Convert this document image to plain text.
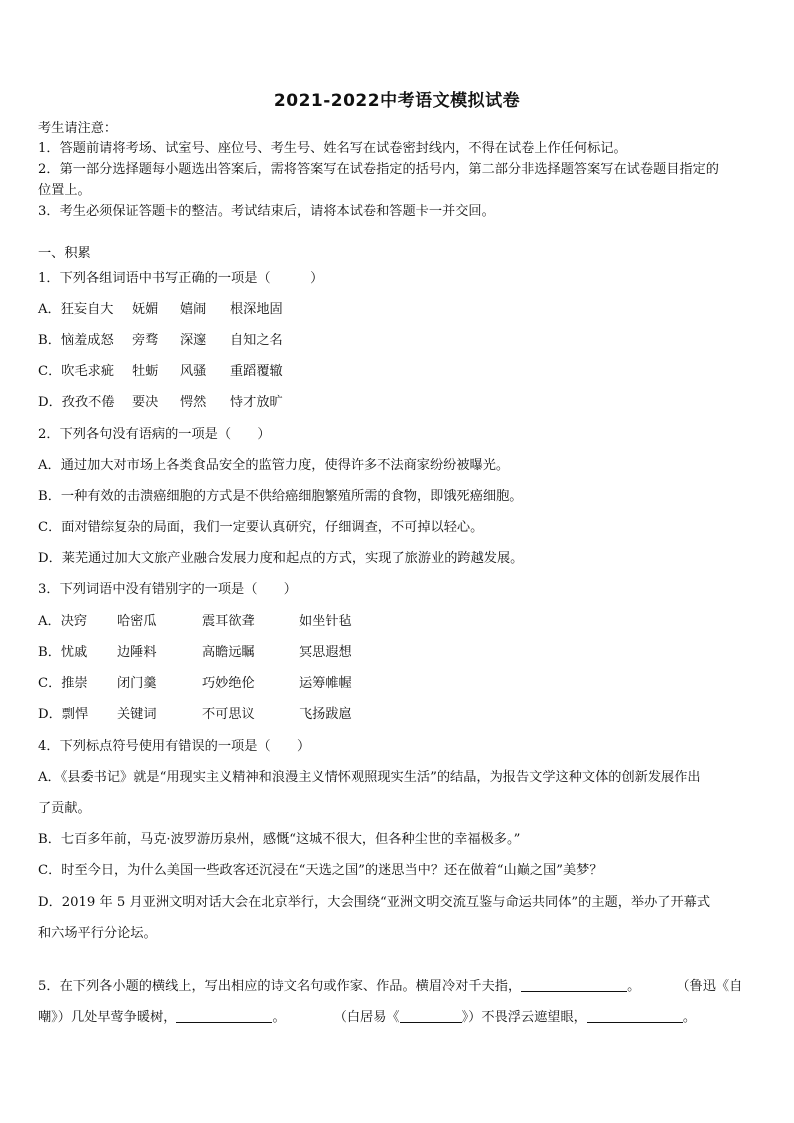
2021-2022中考语文模拟试卷
考生请注意：
1．答题前请将考场、试室号、座位号、考生号、姓名写在试卷密封线内，不得在试卷上作任何标记。
2．第一部分选择题每小题选出答案后，需将答案写在试卷指定的括号内，第二部分非选择题答案写在试卷题目指定的
位置上。
3．考生必须保证答题卡的整洁。考试结束后，请将本试卷和答题卡一并交回。
一、积累
1．下列各组词语中书写正确的一项是（　　　）
A．狂妄自大 妩媚 嬉闹 根深地固
B．恼羞成怒 旁骛 深邃 自知之名
C．吹毛求疵 牡蛎 风骚 重蹈覆辙
D．孜孜不倦 要决 愕然 恃才放旷
2．下列各句没有语病的一项是（　　）
A．通过加大对市场上各类食品安全的监管力度，使得许多不法商家纷纷被曝光。
B．一种有效的击溃癌细胞的方式是不供给癌细胞繁殖所需的食物，即饿死癌细胞。
C．面对错综复杂的局面，我们一定要认真研究，仔细调查，不可掉以轻心。
D．莱芜通过加大文旅产业融合发展力度和起点的方式，实现了旅游业的跨越发展。
3．下列词语中没有错别字的一项是（　　）
A．决窍 哈密瓜	震耳欲聋	如坐针毡
B．忧戚 边陲料	高瞻远瞩	冥思遐想
C．推崇 闭门羹	巧妙绝伦	运筹帷幄
D．剽悍 关键词	不可思议	飞扬跋扈
4．下列标点符号使用有错误的一项是（　　）
A．《县委书记》就是“用现实主义精神和浪漫主义情怀观照现实生活”的结晶，为报告文学这种文体的创新发展作出
了贡献。
B．七百多年前，马克·波罗游历泉州，感慨“这城不很大，但各种尘世的幸福极多。”
C．时至今日，为什么美国一些政客还沉浸在“天选之国”的迷思当中？还在做着“山巅之国”美梦？
D．2019 年 5 月亚洲文明对话大会在北京举行，大会围绕“亚洲文明交流互鉴与命运共同体”的主题，举办了开幕式
和六场平行分论坛。
5．在下列各小题的横线上，写出相应的诗文名句或作家、作品。横眉冷对千夫指，	。	（鲁迅《自
嘲》）几处早莺争暖树，	。	（白居易《	》）不畏浮云遮望眼，	。
